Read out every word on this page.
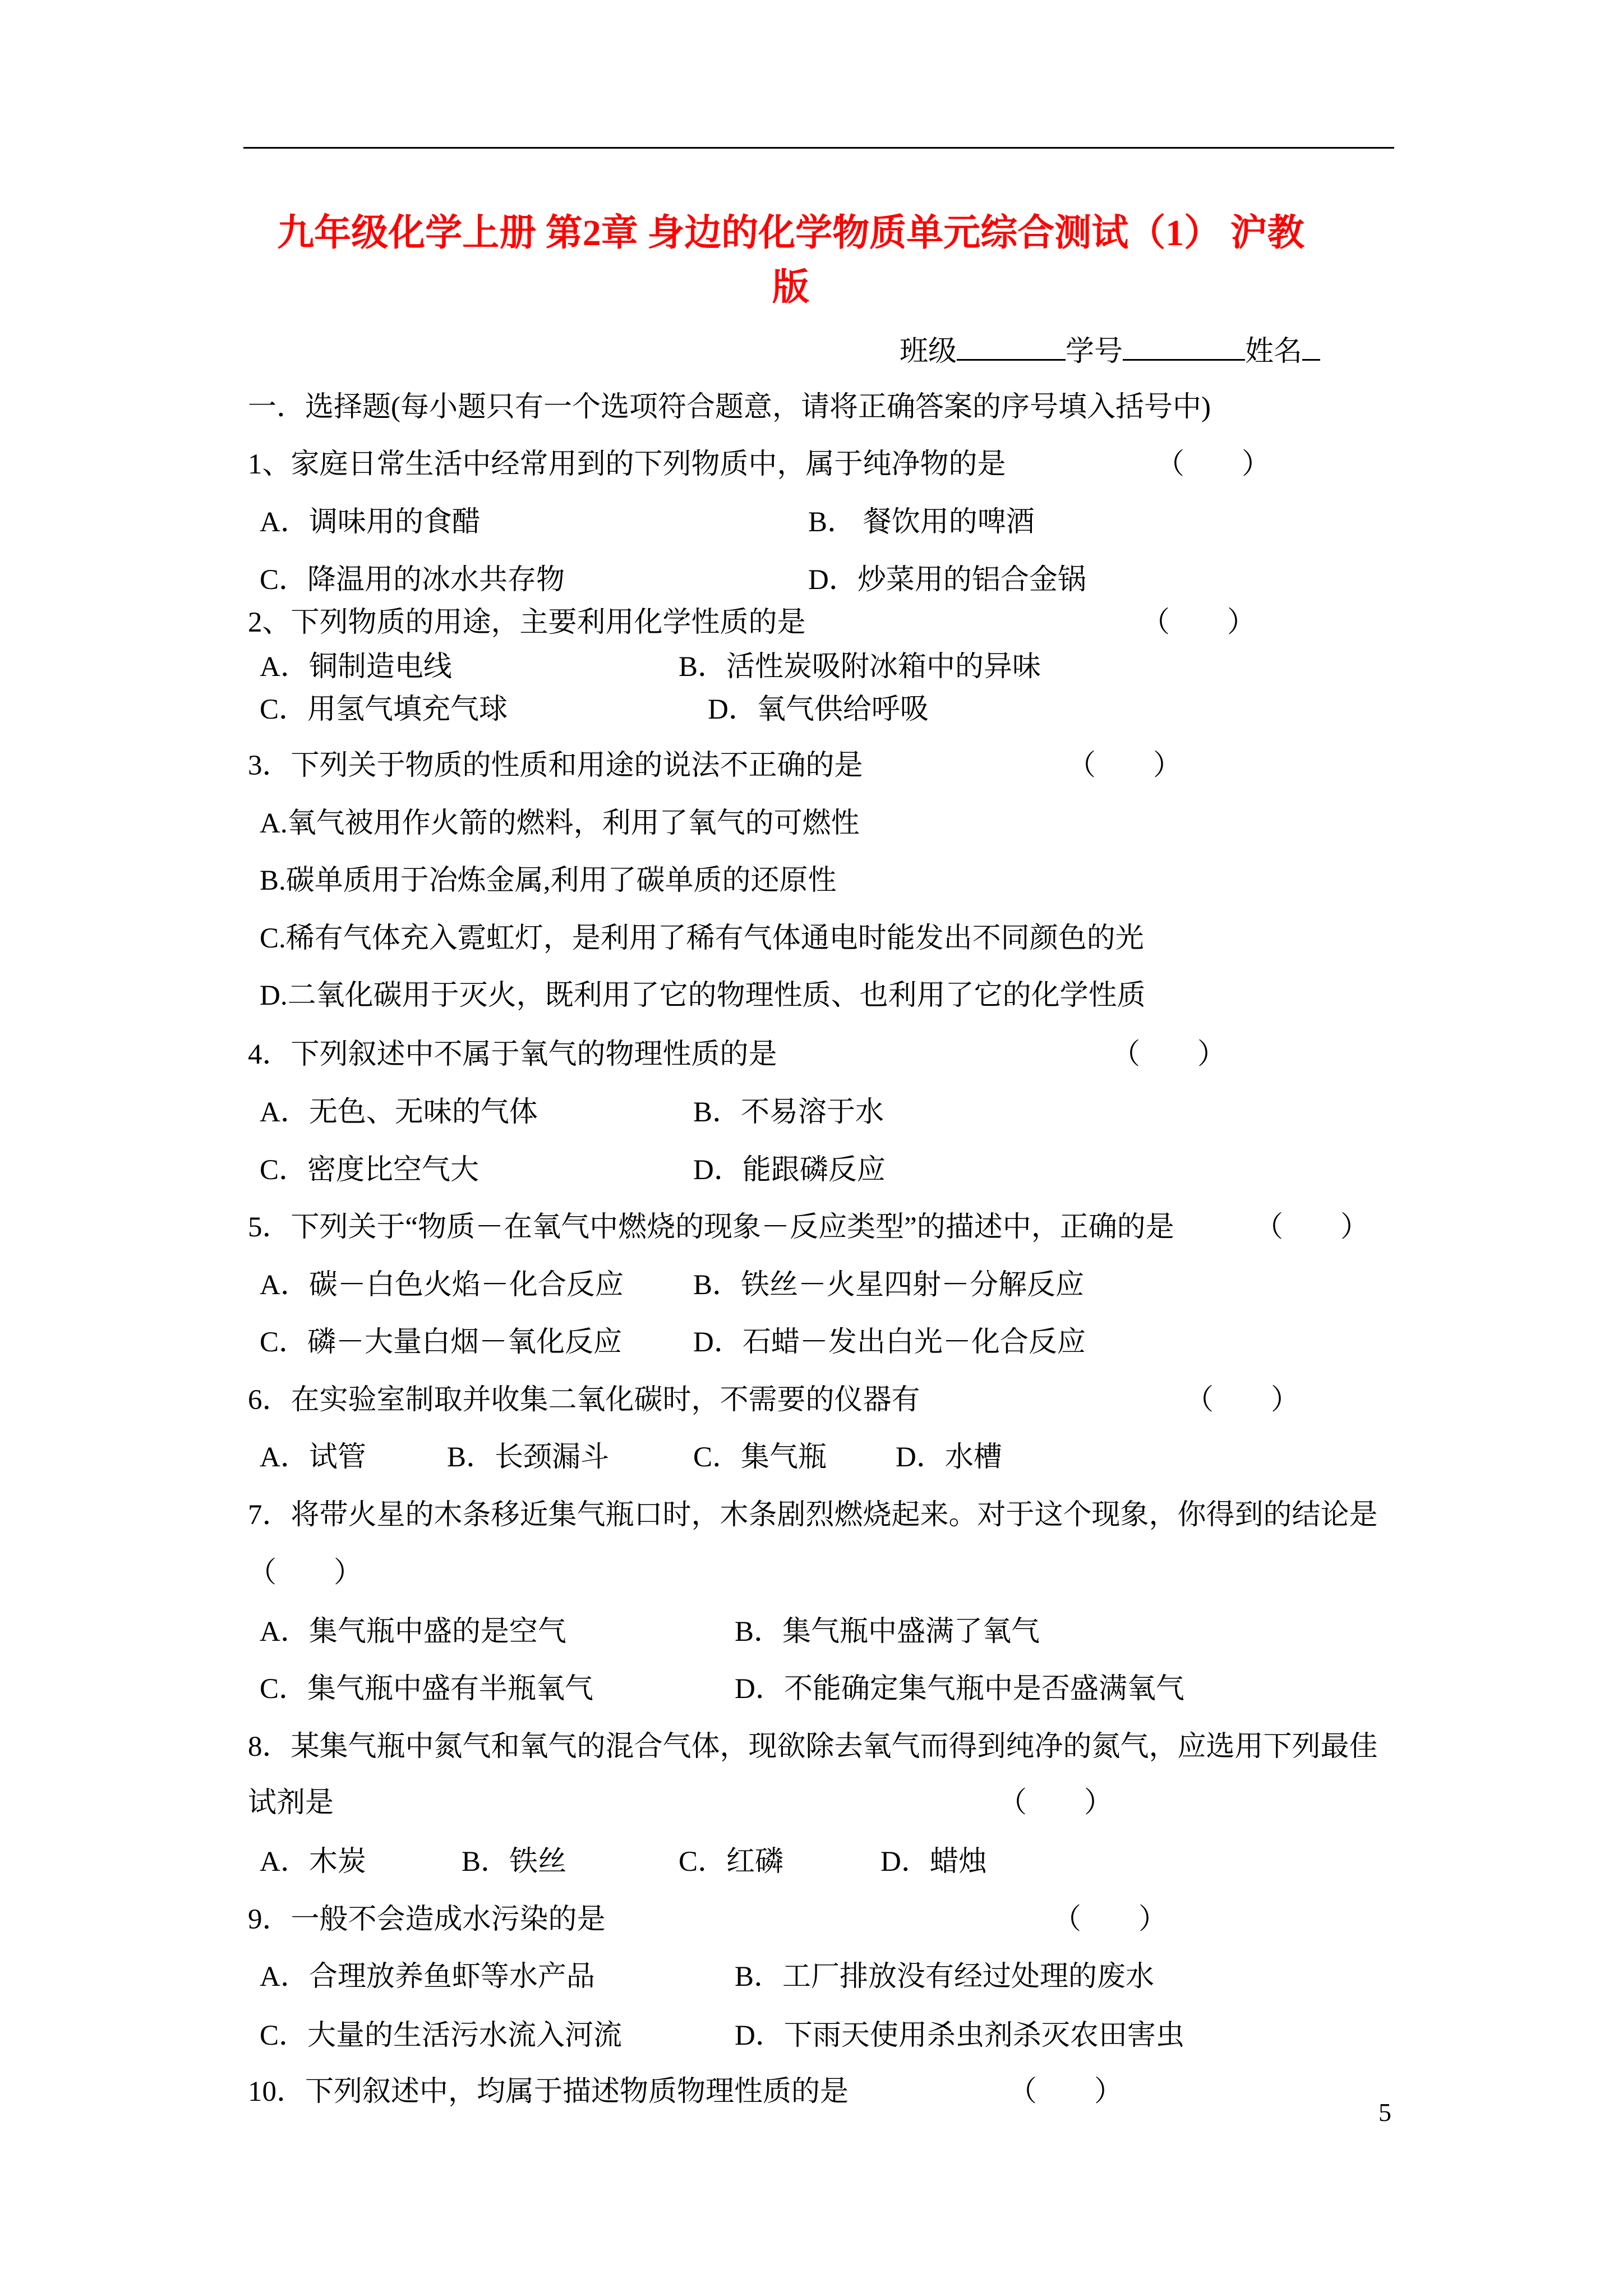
九年级化学上册 第2章 身边的化学物质单元综合测试（1） 沪教
版
班级	学号	姓名
一．选择题(每小题只有一个选项符合题意，请将正确答案的序号填入括号中)
1、家庭日常生活中经常用到的下列物质中，属于纯净物的是	（　　）
A．调味用的食醋	B． 餐饮用的啤酒
C．降温用的冰水共存物	D．炒菜用的铝合金锅
2、下列物质的用途，主要利用化学性质的是	（　　）
A．铜制造电线	B．活性炭吸附冰箱中的异味
C．用氢气填充气球	D．氧气供给呼吸
3．下列关于物质的性质和用途的说法不正确的是	（　　）
A.氧气被用作火箭的燃料，利用了氧气的可燃性
B.碳单质用于冶炼金属,利用了碳单质的还原性
C.稀有气体充入霓虹灯，是利用了稀有气体通电时能发出不同颜色的光
D.二氧化碳用于灭火，既利用了它的物理性质、也利用了它的化学性质
4．下列叙述中不属于氧气的物理性质的是	（　　）
A．无色、无味的气体	B．不易溶于水
C．密度比空气大	D．能跟磷反应
5．下列关于“物质－在氧气中燃烧的现象－反应类型”的描述中，正确的是	（　　）
A．碳－白色火焰－化合反应 B．铁丝－火星四射－分解反应
C．磷－大量白烟－氧化反应 D．石蜡－发出白光－化合反应
6．在实验室制取并收集二氧化碳时，不需要的仪器有	（　　）
A．试管	B．长颈漏斗	C．集气瓶 D．水槽
7．将带火星的木条移近集气瓶口时，木条剧烈燃烧起来。对于这个现象，你得到的结论是
（　　）
A．集气瓶中盛的是空气	B．集气瓶中盛满了氧气
C．集气瓶中盛有半瓶氧气	D．不能确定集气瓶中是否盛满氧气
8．某集气瓶中氮气和氧气的混合气体，现欲除去氧气而得到纯净的氮气，应选用下列最佳
试剂是	（　　）
A．木炭	B．铁丝	C．红磷	D．蜡烛
9．一般不会造成水污染的是	（　　）
A．合理放养鱼虾等水产品	B．工厂排放没有经过处理的废水
C．大量的生活污水流入河流	D．下雨天使用杀虫剂杀灭农田害虫
10．下列叙述中，均属于描述物质物理性质的是	（　　）
5
